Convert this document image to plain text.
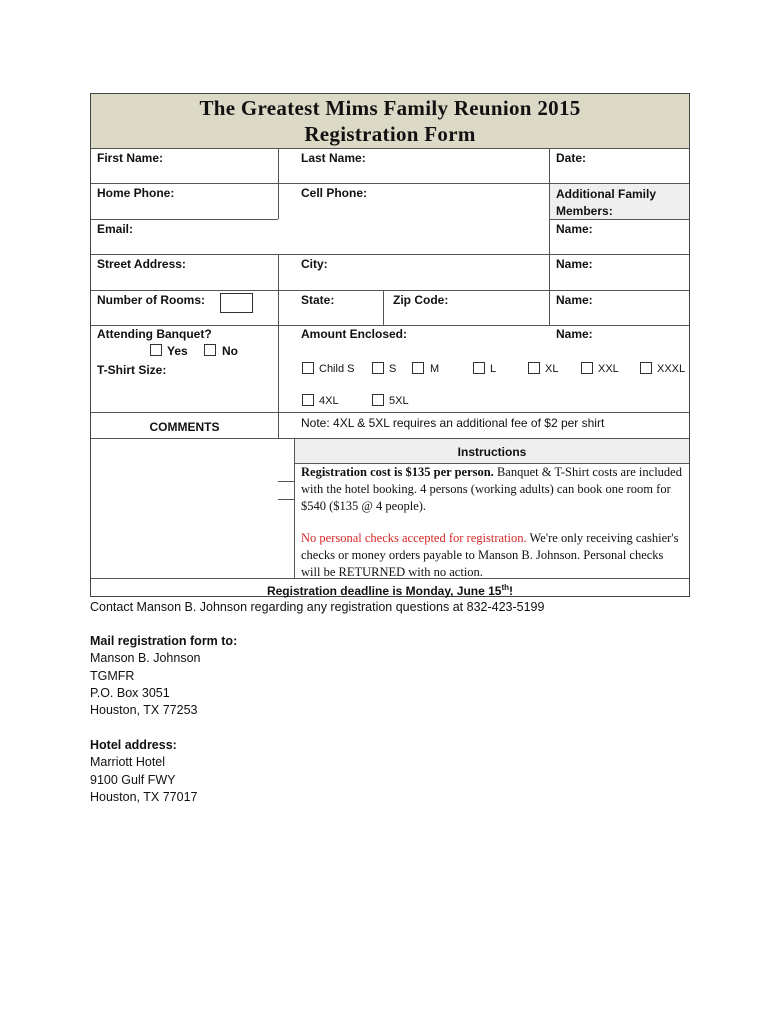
The Greatest Mims Family Reunion 2015
Registration Form
First Name:	Last Name:	Date:
Home Phone:	Cell Phone:	Additional Family Members:
Email:	Name:
Street Address:	City:	Name:
Number of Rooms:	State:	Zip Code:	Name:
Attending Banquet?
Yes	No
T-Shirt Size:
Amount Enclosed:	Name:
Child S	S	M	L	XL	XXL	XXXL
4XL	5XL
COMMENTS	Note: 4XL & 5XL requires an additional fee of $2 per shirt
Instructions
Registration cost is $135 per person. Banquet & T-Shirt costs are included with the hotel booking. 4 persons (working adults) can book one room for $540 ($135 @ 4 people).
No personal checks accepted for registration. We're only receiving cashier's checks or money orders payable to Manson B. Johnson. Personal checks will be RETURNED with no action.
Registration deadline is Monday, June 15th!
Contact Manson B. Johnson regarding any registration questions at 832-423-5199
Mail registration form to:
Manson B. Johnson
TGMFR
P.O. Box 3051
Houston, TX 77253
Hotel address:
Marriott Hotel
9100 Gulf FWY
Houston, TX 77017
